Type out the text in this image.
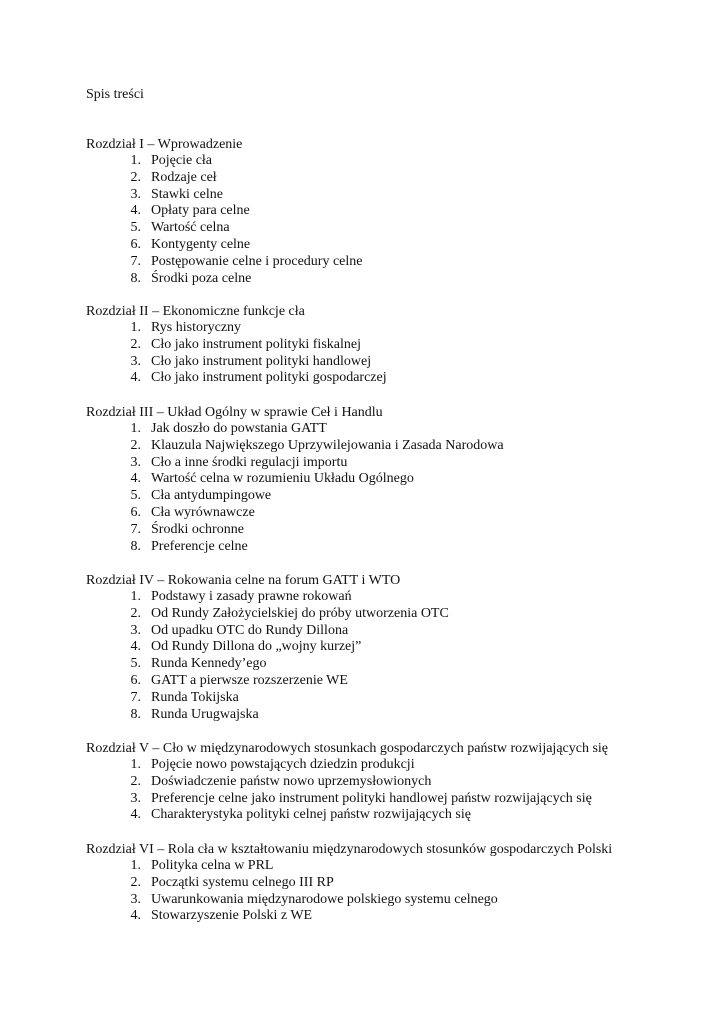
Spis treści
Rozdział I – Wprowadzenie
1. Pojęcie cła
2. Rodzaje ceł
3. Stawki celne
4. Opłaty para celne
5. Wartość celna
6. Kontygenty celne
7. Postępowanie celne i procedury celne
8. Środki poza celne
Rozdział II – Ekonomiczne funkcje cła
1. Rys historyczny
2. Cło jako instrument polityki fiskalnej
3. Cło jako instrument polityki handlowej
4. Cło jako instrument polityki gospodarczej
Rozdział III – Układ Ogólny w sprawie Ceł i Handlu
1. Jak doszło do powstania GATT
2. Klauzula Największego Uprzywilejowania i Zasada Narodowa
3. Cło a inne środki regulacji importu
4. Wartość celna w rozumieniu Układu Ogólnego
5. Cła antydumpingowe
6. Cła wyrównawcze
7. Środki ochronne
8. Preferencje celne
Rozdział IV – Rokowania celne na forum GATT i WTO
1. Podstawy i zasady prawne rokowań
2. Od Rundy Założycielskiej do próby utworzenia OTC
3. Od upadku OTC do Rundy Dillona
4. Od Rundy Dillona do „wojny kurzej”
5. Runda Kennedy’ego
6. GATT a pierwsze rozszerzenie WE
7. Runda Tokijska
8. Runda Urugwajska
Rozdział V – Cło w międzynarodowych stosunkach gospodarczych państw rozwijających się
1. Pojęcie nowo powstających dziedzin produkcji
2. Doświadczenie państw nowo uprzemysłowionych
3. Preferencje celne jako instrument polityki handlowej państw rozwijających się
4. Charakterystyka polityki celnej państw rozwijających się
Rozdział VI – Rola cła w kształtowaniu międzynarodowych stosunków gospodarczych Polski
1. Polityka celna w PRL
2. Początki systemu celnego III RP
3. Uwarunkowania międzynarodowe polskiego systemu celnego
4. Stowarzyszenie Polski z WE
